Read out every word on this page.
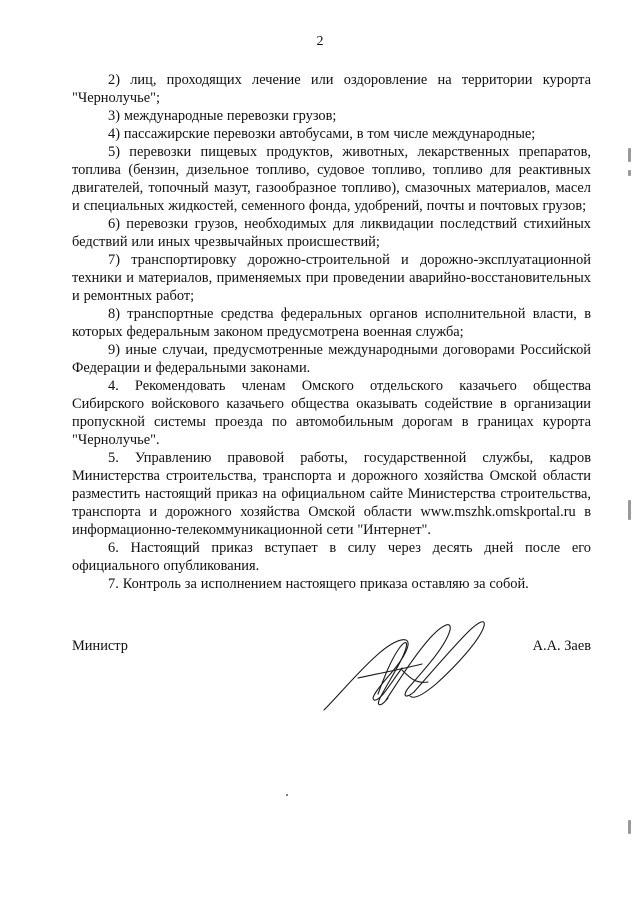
2

2) лиц, проходящих лечение или оздоровление на территории курорта "Чернолучье";

3) международные перевозки грузов;

4) пассажирские перевозки автобусами, в том числе международные;

5) перевозки пищевых продуктов, животных, лекарственных препаратов, топлива (бензин, дизельное топливо, судовое топливо, топливо для реактивных двигателей, топочный мазут, газообразное топливо), смазочных материалов, масел и специальных жидкостей, семенного фонда, удобрений, почты и почтовых грузов;

6) перевозки грузов, необходимых для ликвидации последствий стихийных бедствий или иных чрезвычайных происшествий;

7) транспортировку дорожно-строительной и дорожно-эксплуатационной техники и материалов, применяемых при проведении аварийно-восстановительных и ремонтных работ;

8) транспортные средства федеральных органов исполнительной власти, в которых федеральным законом предусмотрена военная служба;

9) иные случаи, предусмотренные международными договорами Российской Федерации и федеральными законами.

4. Рекомендовать членам Омского отдельского казачьего общества Сибирского войскового казачьего общества оказывать содействие в организации пропускной системы проезда по автомобильным дорогам в границах курорта "Чернолучье".

5. Управлению правовой работы, государственной службы, кадров Министерства строительства, транспорта и дорожного хозяйства Омской области разместить настоящий приказ на официальном сайте Министерства строительства, транспорта и дорожного хозяйства Омской области www.mszhk.omskportal.ru в информационно-телекоммуникационной сети "Интернет".

6. Настоящий приказ вступает в силу через десять дней после его официального опубликования.

7. Контроль за исполнением настоящего приказа оставляю за собой.

Министр	А.А. Заев
